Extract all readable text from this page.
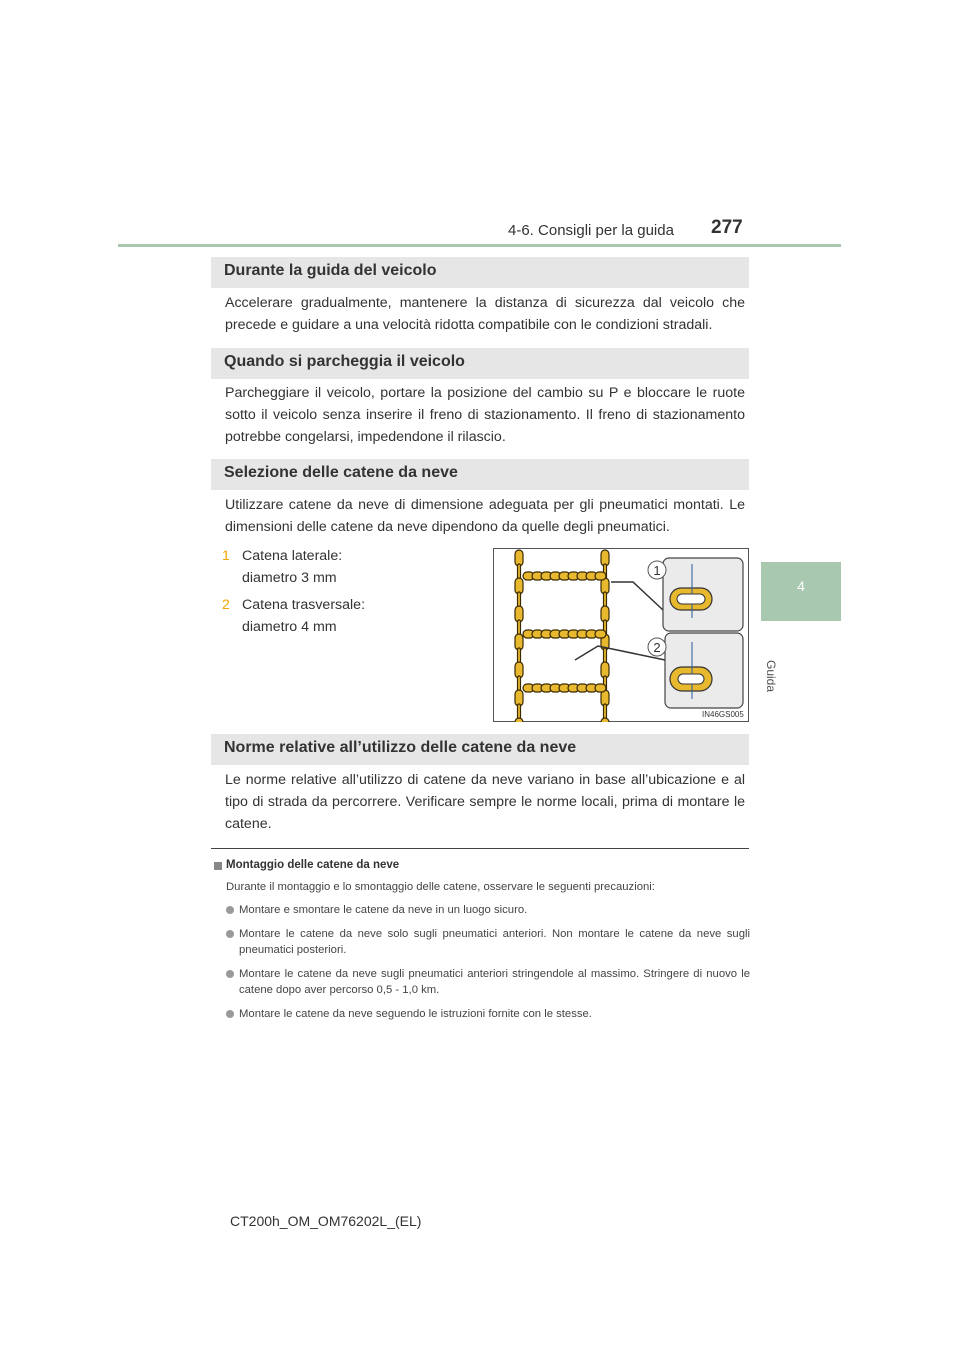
4-6. Consigli per la guida 277
4
Guida
Durante la guida del veicolo
Accelerare gradualmente, mantenere la distanza di sicurezza dal veicolo che precede e guidare a una velocità ridotta compatibile con le condizioni stradali.
Quando si parcheggia il veicolo
Parcheggiare il veicolo, portare la posizione del cambio su P e bloccare le ruote sotto il veicolo senza inserire il freno di stazionamento. Il freno di stazionamento potrebbe congelarsi, impedendone il rilascio.
Selezione delle catene da neve
Utilizzare catene da neve di dimensione adeguata per gli pneumatici montati. Le dimensioni delle catene da neve dipendono da quelle degli pneumatici.
1 Catena laterale:
diametro 3 mm
2 Catena trasversale:
diametro 4 mm
1
2
IN46GS005
Norme relative all’utilizzo delle catene da neve
Le norme relative all’utilizzo di catene da neve variano in base all’ubicazione e al tipo di strada da percorrere. Verificare sempre le norme locali, prima di montare le catene.
Montaggio delle catene da neve
Durante il montaggio e lo smontaggio delle catene, osservare le seguenti precauzioni:
Montare e smontare le catene da neve in un luogo sicuro.
Montare le catene da neve solo sugli pneumatici anteriori. Non montare le catene da neve sugli pneumatici posteriori.
Montare le catene da neve sugli pneumatici anteriori stringendole al massimo. Stringere di nuovo le catene dopo aver percorso 0,5 - 1,0 km.
Montare le catene da neve seguendo le istruzioni fornite con le stesse.
CT200h_OM_OM76202L_(EL)
